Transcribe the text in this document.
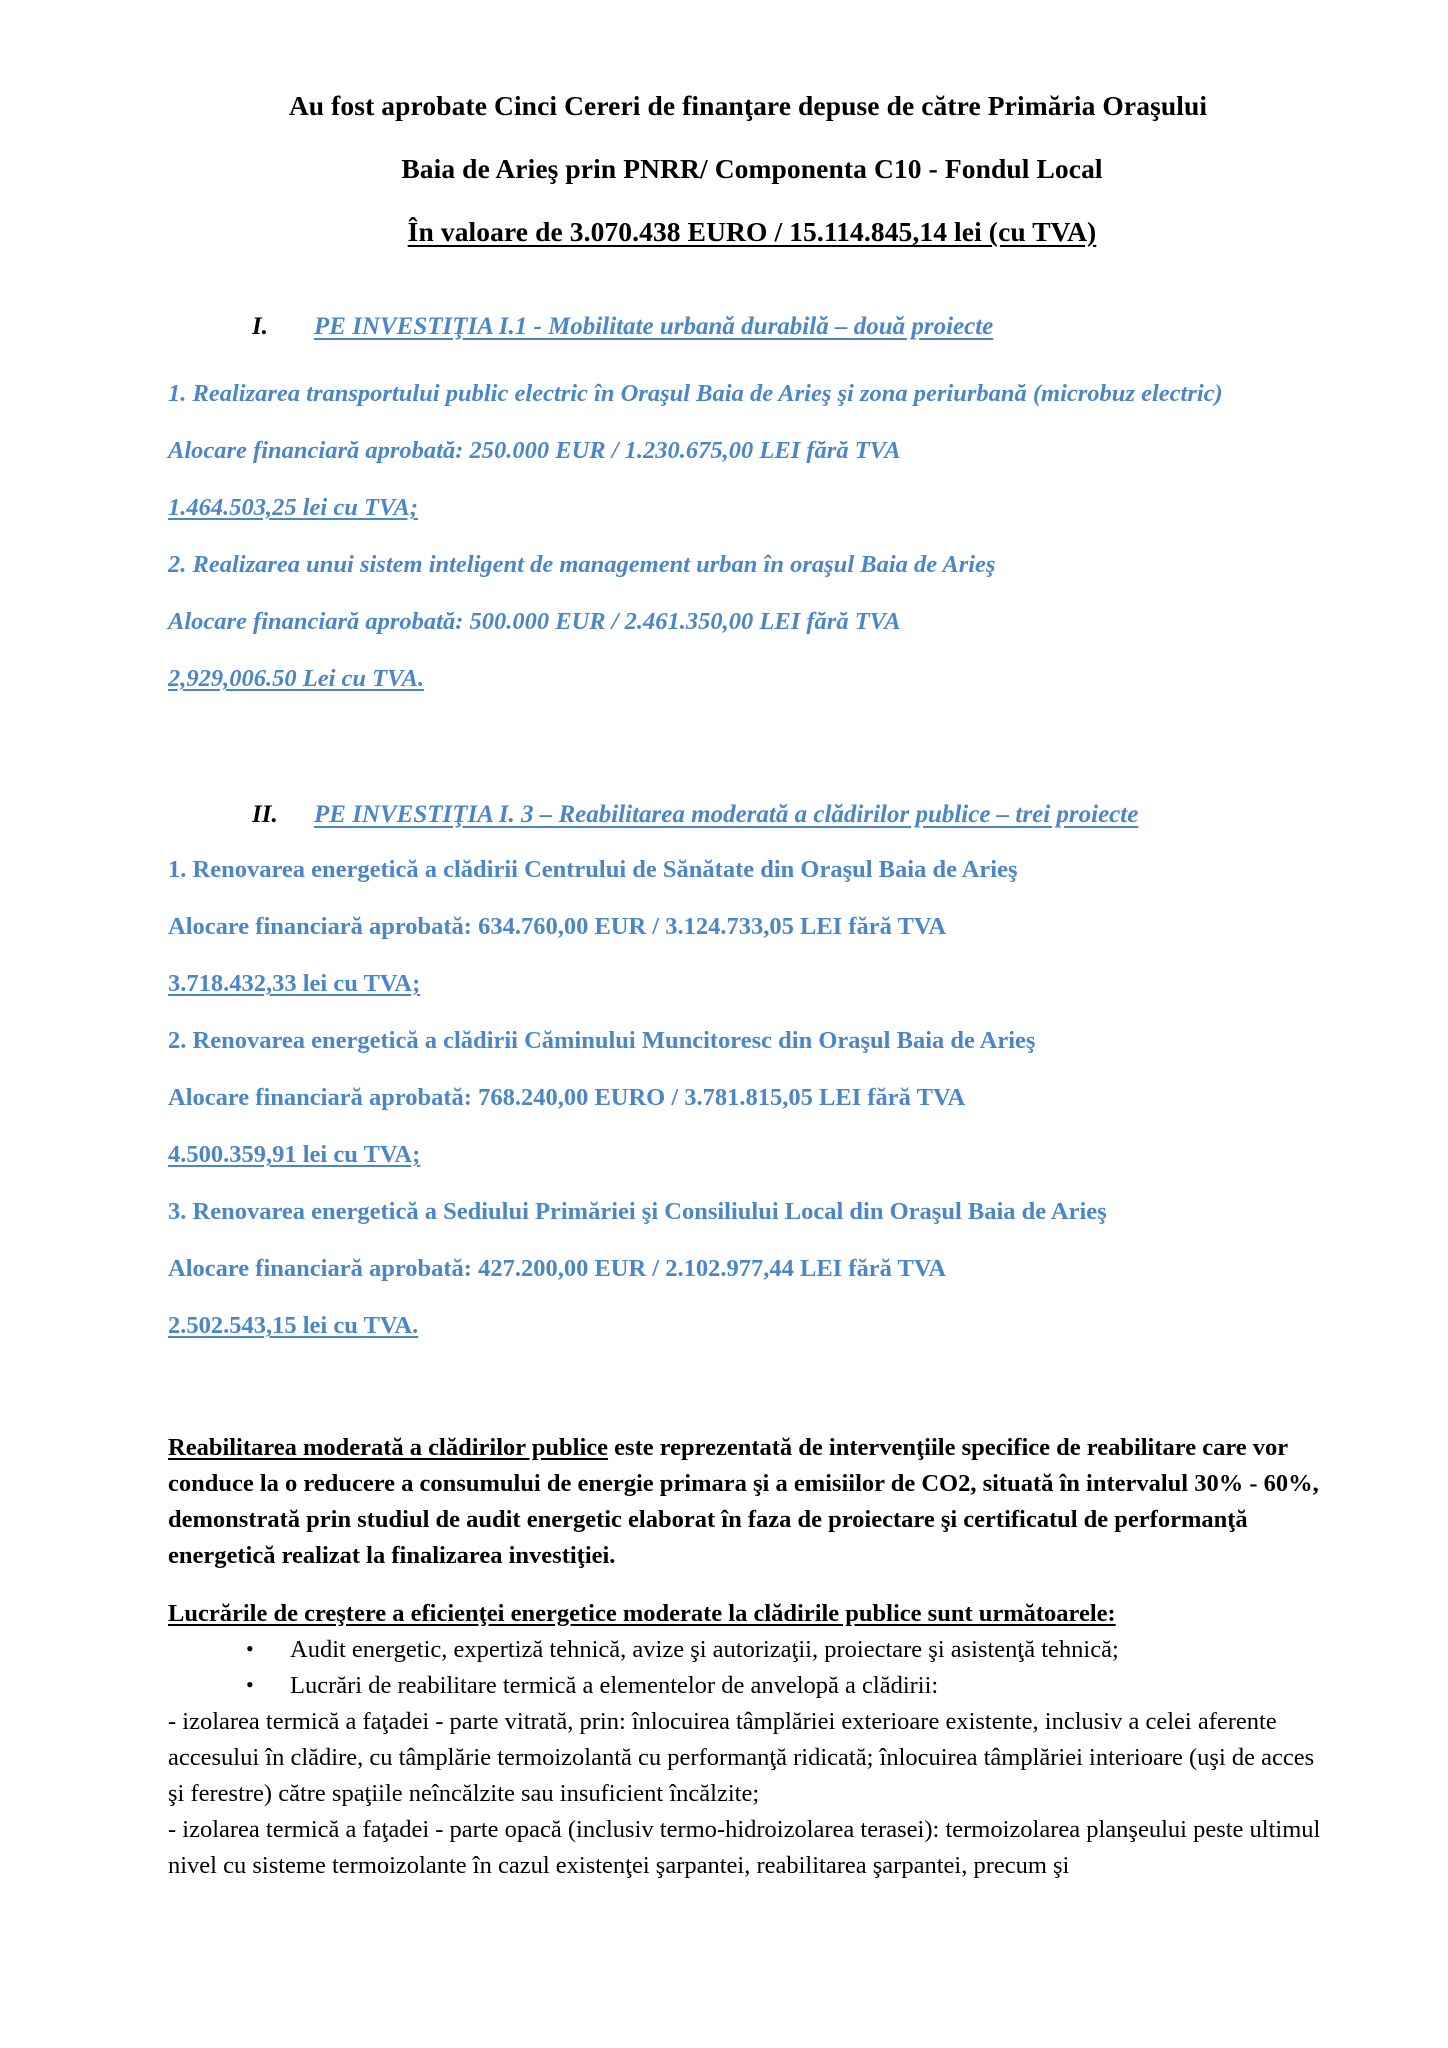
Au fost aprobate Cinci Cereri de finanţare depuse de către Primăria Oraşului
Baia de Arieş prin PNRR/ Componenta C10 - Fondul Local
În valoare de 3.070.438 EURO / 15.114.845,14 lei (cu TVA)
I.	PE INVESTIŢIA I.1 - Mobilitate urbană durabilă – două proiecte
1. Realizarea transportului public electric în Oraşul Baia de Arieş şi zona periurbană (microbuz electric)
Alocare financiară aprobată: 250.000 EUR / 1.230.675,00 LEI fără TVA
1.464.503,25 lei cu TVA;
2. Realizarea unui sistem inteligent de management urban în oraşul Baia de Arieş
Alocare financiară aprobată: 500.000 EUR / 2.461.350,00 LEI fără TVA
2,929,006.50 Lei cu TVA.
II.	PE INVESTIŢIA I. 3 – Reabilitarea moderată a clădirilor publice – trei proiecte
1. Renovarea energetică a clădirii Centrului de Sănătate din Oraşul Baia de Arieş
Alocare financiară aprobată: 634.760,00 EUR / 3.124.733,05 LEI fără TVA
3.718.432,33 lei cu TVA;
2. Renovarea energetică a clădirii Căminului Muncitoresc din Oraşul Baia de Arieş
Alocare financiară aprobată: 768.240,00 EURO / 3.781.815,05 LEI fără TVA
4.500.359,91 lei cu TVA;
3. Renovarea energetică a Sediului Primăriei şi Consiliului Local din Oraşul Baia de Arieş
Alocare financiară aprobată: 427.200,00 EUR / 2.102.977,44 LEI fără TVA
2.502.543,15 lei cu TVA.

Reabilitarea moderată a clădirilor publice este reprezentată de intervenţiile specifice de reabilitare care vor conduce la o reducere a consumului de energie primara şi a emisiilor de CO2, situată în intervalul 30% - 60%, demonstrată prin studiul de audit energetic elaborat în faza de proiectare şi certificatul de performanţă energetică realizat la finalizarea investiţiei.

Lucrările de creştere a eficienţei energetice moderate la clădirile publice sunt următoarele:
• Audit energetic, expertiză tehnică, avize şi autorizaţii, proiectare şi asistenţă tehnică;
• Lucrări de reabilitare termică a elementelor de anvelopă a clădirii:

- izolarea termică a faţadei - parte vitrată, prin: înlocuirea tâmplăriei exterioare existente, inclusiv a celei aferente accesului în clădire, cu tâmplărie termoizolantă cu performanţă ridicată; înlocuirea tâmplăriei interioare (uşi de acces şi ferestre) către spaţiile neîncălzite sau insuficient încălzite;

- izolarea termică a faţadei - parte opacă (inclusiv termo-hidroizolarea terasei): termoizolarea planşeului peste ultimul nivel cu sisteme termoizolante în cazul existenţei şarpantei, reabilitarea şarpantei, precum şi
